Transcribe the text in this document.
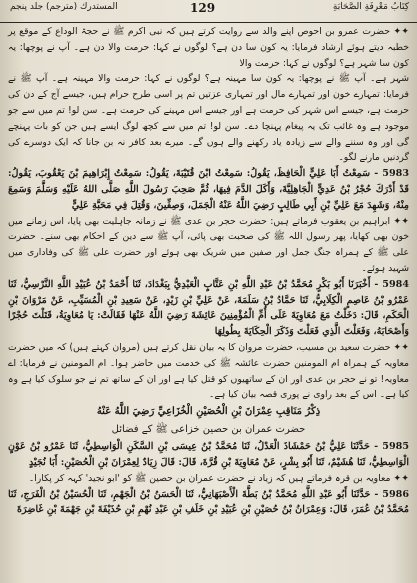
المستدرك (مترجم) جلد پنجم	129	كِتَابُ مَعْرِفَةِ الصَّحَابَةِ

✦✦ حضرت عمرو بن احوص اپنے والد سے روایت کرتے ہیں کہ نبی اکرم ﷺ نے حجۃ الوداع کے موقع پر خطبہ دیتے ہوئے ارشاد فرمایا: یہ کون سا دن ہے؟ لوگوں نے کہا: حرمت والا دن ہے۔ آپ نے پوچھا: یہ کون سا شہر ہے؟ لوگوں نے کہا: حرمت والا

شہر ہے۔ آپ ﷺ نے پوچھا: یہ کون سا مہینہ ہے؟ لوگوں نے کہا: حرمت والا مہینہ ہے۔ آپ ﷺ نے فرمایا: تمہارے خون اور تمہارے مال اور تمہاری عزتیں تم پر اسی طرح حرام ہیں، جیسے آج کے دن کی حرمت ہے، جیسے اس شہر کی حرمت ہے اور جیسے اس مہینے کی حرمت ہے۔ سن لو! تم میں سے جو موجود ہے وہ غائب تک یہ پیغام پہنچا دے۔ سن لو! تم میں سے کچھ لوگ ایسے ہیں جن کو بات پہنچے گی اور وہ سننے والے سے زیادہ یاد رکھنے والے ہوں گے۔ میرے بعد کافر نہ بن جانا کہ ایک دوسرے کی گردنیں مارنے لگو۔

5983 - سَمِعْتُ أَبَا عَلِيٍّ الْحَافِظَ، يَقُولُ: سَمِعْتُ ابْنَ قُتَيْبَةَ، يَقُولُ: سَمِعْتُ إِبْرَاهِيمَ بْنَ يَعْقُوبَ، يَقُولُ: قَدْ أَدْرَكَ حُجْرُ بْنُ عَدِيٍّ الْجَاهِلِيَّةَ، وَأَكَلَ الدَّمَ فِيهَا، ثُمَّ صَحِبَ رَسُولَ اللَّهِ صَلَّى اللهُ عَلَيْهِ وَسَلَّمَ وَسَمِعَ مِنْهُ، وَشَهِدَ مَعَ عَلِيِّ بْنِ أَبِي طَالِبٍ رَضِيَ اللَّهُ عَنْهُ الْجَمَلَ، وَصِفِّينَ، وَقُتِلَ فِي مَحَبَّةِ عَلِيٍّ

✦✦ ابراہیم بن یعقوب فرماتے ہیں: حضرت حجر بن عدی ﷺ نے زمانہ جاہلیت بھی پایا، اس زمانے میں خون بھی کھایا، پھر رسول اللہ ﷺ کی صحبت بھی پائی، آپ ﷺ سے دین کے احکام بھی سنے۔ حضرت علی ﷺ کے ہمراہ جنگ جمل اور صفین میں شریک بھی ہوئے اور حضرت علی ﷺ کی وفاداری میں شہید ہوئے۔

5984 - أَخْبَرَنَا أَبُو بَكْرٍ مُحَمَّدُ بْنُ عَبْدِ اللَّهِ بْنِ عَتَّابٍ الْعَبْدِيُّ بِبَغْدَادَ، ثَنَا أَحْمَدُ بْنُ عُبَيْدِ اللَّهِ النَّرْسِيُّ، ثَنَا عَمْرُو بْنُ عَاصِمٍ الْكِلَابِيُّ، ثَنَا حَمَّادُ بْنُ سَلَمَةَ، عَنْ عَلِيِّ بْنِ زَيْدٍ، عَنْ سَعِيدِ بْنِ الْمُسَيِّبِ، عَنْ مَرْوَانَ بْنِ الْحَكَمِ، قَالَ: دَخَلْتُ مَعَ مُعَاوِيَةَ عَلَى أُمِّ الْمُؤْمِنِينَ عَائِشَةَ رَضِيَ اللَّهُ عَنْهَا فَقَالَتْ: يَا مُعَاوِيَةُ، قَتَلْتَ حُجْرًا وَأَصْحَابَهُ، وَفَعَلْتَ الَّذِي فَعَلْتَ وَذَكَرَ الْحِكَايَةَ بِطُولِهَا

✦✦ حضرت سعید بن مسیب، حضرت مروان کا یہ بیان نقل کرتے ہیں (مروان کہتے ہیں) کہ میں حضرت معاویہ کے ہمراہ ام المومنین حضرت عائشہ ﷺ کی خدمت میں حاضر ہوا۔ ام المومنین نے فرمایا: اے معاویہ! تو نے حجر بن عدی اور ان کے ساتھیوں کو قتل کیا ہے اور ان کے ساتھ تم نے جو سلوک کیا ہے وہ کیا ہے۔ اس کے بعد راوی نے پوری قصہ بیان کیا ہے۔

ذِكْرُ مَنَاقِبِ عِمْرَانَ بْنِ الْحُصَيْنِ الْخُزَاعِيِّ رَضِيَ اللَّهُ عَنْهُ

حضرت عمران بن حصین خزاعی ﷺ کے فضائل

5985 - حَدَّثَنَا عَلِيُّ بْنُ حَمْشَاذَ الْعَدْلُ، ثَنَا مُحَمَّدُ بْنُ عِيسَى بْنِ السَّكَنِ الْوَاسِطِيُّ، ثَنَا عَمْرُو بْنُ عَوْنٍ الْوَاسِطِيُّ، ثَنَا هُشَيْمٌ، ثَنَا أَبُو بِشْرٍ، عَنْ مُعَاوِيَةَ بْنِ قُرَّةَ، قَالَ: قَالَ زِيَادٌ لِعِمْرَانَ بْنِ الْحُصَيْنِ: أَبَا نُجَيْدٍ

✦✦ معاویہ بن قرہ فرماتے ہیں کہ زیاد نے حضرت عمران بن حصین ﷺ کو 'ابو نجید' کہہ کر پکارا۔

5986 - حَدَّثَنَا أَبُو عَبْدِ اللَّهِ مُحَمَّدُ بْنُ بَطَّةَ الْأَصْبَهَانِيُّ، ثَنَا الْحَسَنُ بْنُ الْجَهْمِ، ثَنَا الْحُسَيْنُ بْنُ الْفَرَجِ، ثَنَا مُحَمَّدُ بْنُ عُمَرَ، قَالَ: وَعِمْرَانُ بْنُ حُصَيْنِ بْنِ عُبَيْدِ بْنِ خَلَفِ بْنِ عَبْدِ نُهْمِ بْنِ حُذَيْفَةَ بْنِ جَهْمَةَ بْنِ غَاضِرَةَ
